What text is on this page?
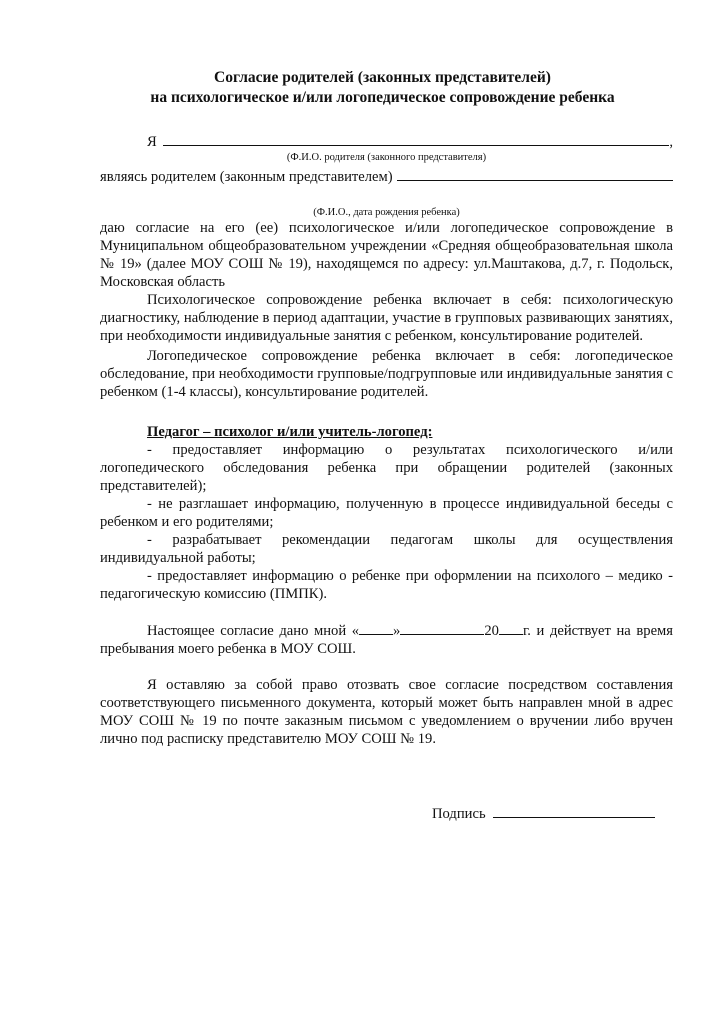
Согласие родителей (законных представителей)
на психологическое и/или логопедическое сопровождение ребенка
Я	,
(Ф.И.О. родителя (законного представителя)
являясь родителем (законным представителем)
(Ф.И.О., дата рождения ребенка)

даю согласие на его (ее) психологическое и/или логопедическое сопровождение в Муниципальном общеобразовательном учреждении «Средняя общеобразовательная школа № 19» (далее МОУ СОШ № 19), находящемся по адресу: ул.Маштакова, д.7, г. Подольск, Московская область

Психологическое сопровождение ребенка включает в себя: психологическую диагностику, наблюдение в период адаптации, участие в групповых развивающих занятиях, при необходимости индивидуальные занятия с ребенком, консультирование родителей.

Логопедическое сопровождение ребенка включает в себя: логопедическое обследование, при необходимости групповые/подгрупповые или индивидуальные занятия с ребенком (1-4 классы), консультирование родителей.

Педагог – психолог и/или учитель-логопед:

- предоставляет информацию о результатах психологического и/или логопедического обследования ребенка при обращении родителей (законных представителей);

- не разглашает информацию, полученную в процессе индивидуальной беседы с ребенком и его родителями;

- разрабатывает рекомендации педагогам школы для осуществления индивидуальной работы;

- предоставляет информацию о ребенке при оформлении на психолого – медико - педагогическую комиссию (ПМПК).

Настоящее согласие дано мной « »	20 г. и действует на время пребывания моего ребенка в МОУ СОШ.

Я оставляю за собой право отозвать свое согласие посредством составления соответствующего письменного документа, который может быть направлен мной в адрес МОУ СОШ № 19 по почте заказным письмом с уведомлением о вручении либо вручен лично под расписку представителю МОУ СОШ № 19.

Подпись
